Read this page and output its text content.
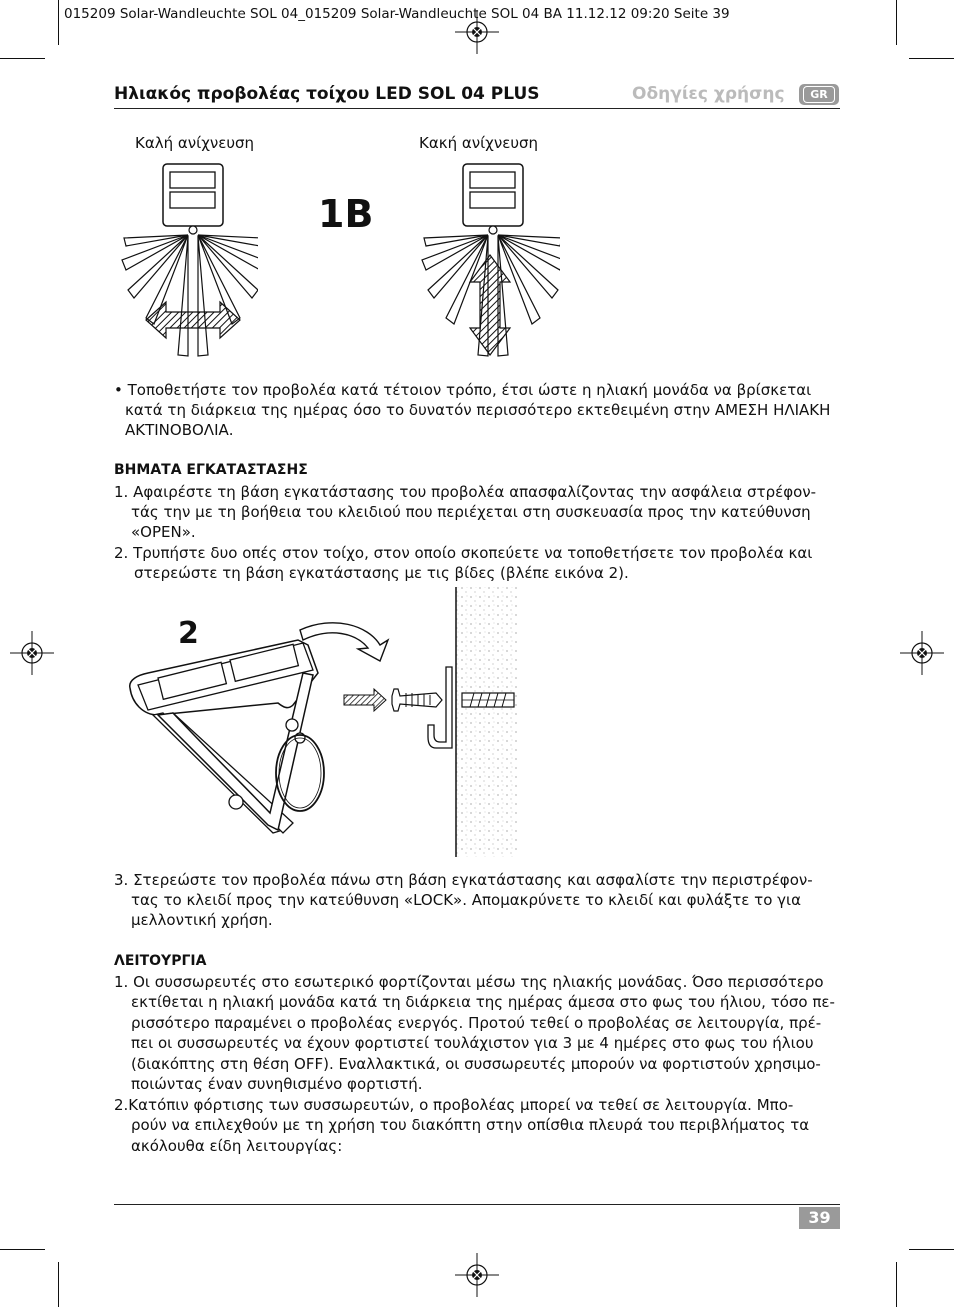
015209 Solar-Wandleuchte SOL 04_015209 Solar-Wandleuchte SOL 04 BA 11.12.12 09:20 Seite 39
Ηλιακός προβολέας τοίχου LED SOL 04 PLUS	Οδηγίες χρήσης	GR
Καλή ανίχνευση	Κακή ανίχνευση
1B
• Τοποθετήστε τον προβολέα κατά τέτοιον τρόπο, έτσι ώστε η ηλιακή μονάδα να βρίσκεται
κατά τη διάρκεια της ημέρας όσο το δυνατόν περισσότερο εκτεθειμένη στην ΑΜΕΣΗ ΗΛΙΑΚΗ
ΑΚΤΙΝΟΒΟΛΙΑ.
ΒΗΜΑΤΑ ΕΓΚΑΤΑΣΤΑΣΗΣ
1. Αφαιρέστε τη βάση εγκατάστασης του προβολέα απασφαλίζοντας την ασφάλεια στρέφον-
τάς την με τη βοήθεια του κλειδιού που περιέχεται στη συσκευασία προς την κατεύθυνση
«OPEN».
2. Τρυπήστε δυο οπές στον τοίχο, στον οποίο σκοπεύετε να τοποθετήσετε τον προβολέα και
στερεώστε τη βάση εγκατάστασης με τις βίδες (βλέπε εικόνα 2).
2
3. Στερεώστε τον προβολέα πάνω στη βάση εγκατάστασης και ασφαλίστε την περιστρέφον-
τας το κλειδί προς την κατεύθυνση «LOCK». Απομακρύνετε το κλειδί και φυλάξτε το για
μελλοντική χρήση.
ΛΕΙΤΟΥΡΓΙΑ
1. Οι συσσωρευτές στο εσωτερικό φορτίζονται μέσω της ηλιακής μονάδας. Όσο περισσότερο
εκτίθεται η ηλιακή μονάδα κατά τη διάρκεια της ημέρας άμεσα στο φως του ήλιου, τόσο πε-
ρισσότερο παραμένει ο προβολέας ενεργός. Προτού τεθεί ο προβολέας σε λειτουργία, πρέ-
πει οι συσσωρευτές να έχουν φορτιστεί τουλάχιστον για 3 με 4 ημέρες στο φως του ήλιου
(διακόπτης στη θέση OFF). Εναλλακτικά, οι συσσωρευτές μπορούν να φορτιστούν χρησιμο-
ποιώντας έναν συνηθισμένο φορτιστή.
2.Κατόπιν φόρτισης των συσσωρευτών, ο προβολέας μπορεί να τεθεί σε λειτουργία. Μπο-
ρούν να επιλεχθούν με τη χρήση του διακόπτη στην οπίσθια πλευρά του περιβλήματος τα
ακόλουθα είδη λειτουργίας:
39
